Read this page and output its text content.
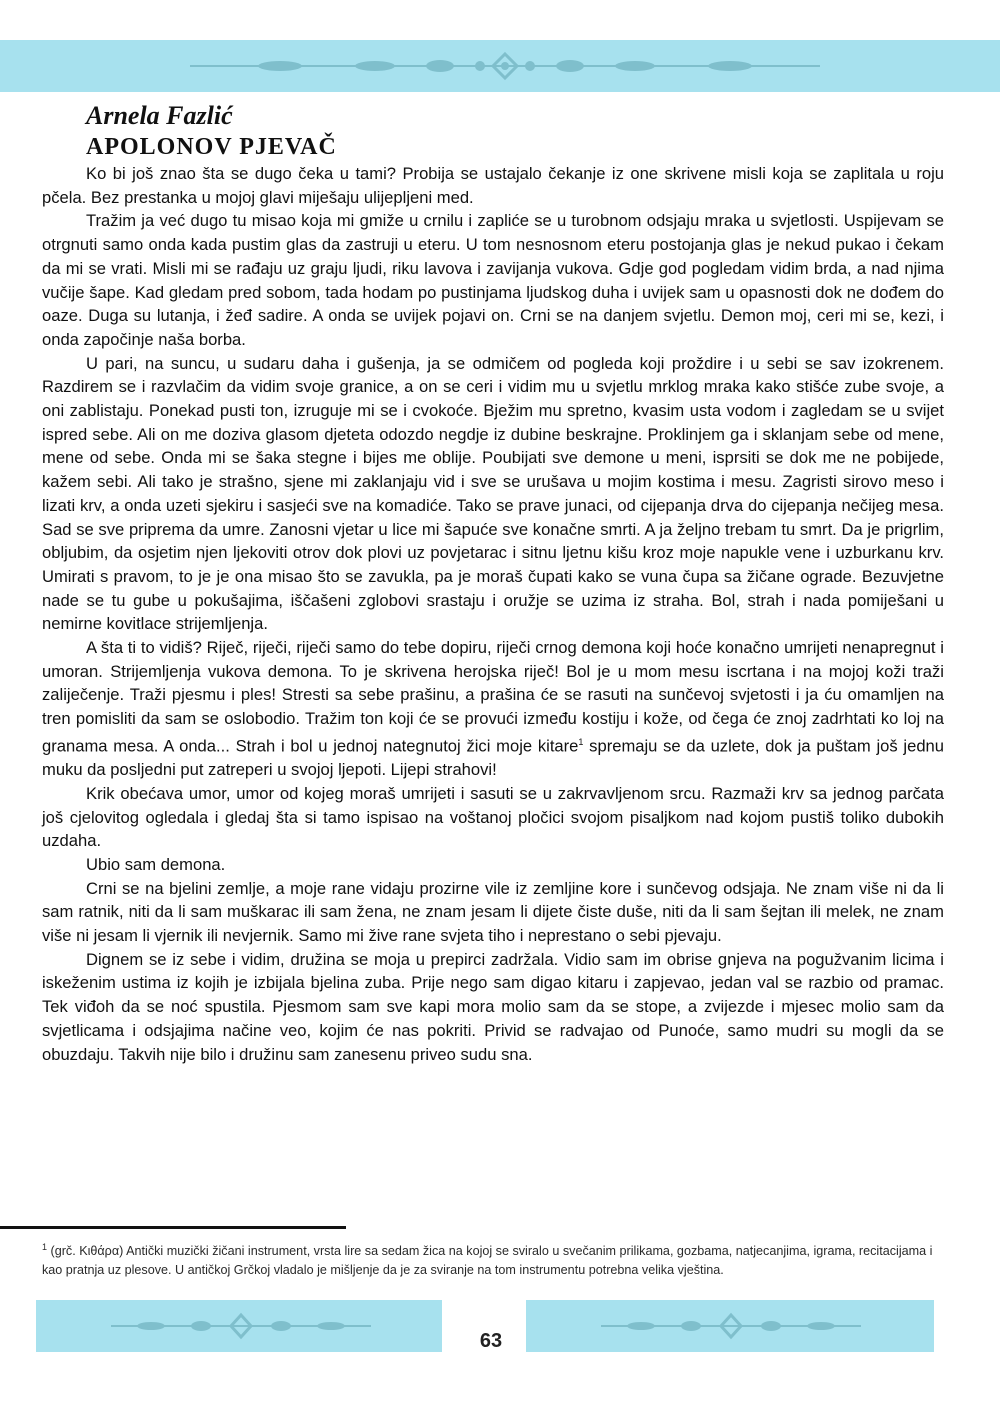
Arnela Fazlić
APOLONOV PJEVAČ

Ko bi još znao šta se dugo čeka u tami? Probija se ustajalo čekanje iz one skrivene misli koja se zaplitala u roju pčela. Bez prestanka u mojoj glavi miješaju ulijepljeni med.

Tražim ja već dugo tu misao koja mi gmiže u crnilu i zapliće se u turobnom odsjaju mraka u svjetlosti. Uspijevam se otrgnuti samo onda kada pustim glas da zastruji u eteru. U tom nesnosnom eteru postojanja glas je nekud pukao i čekam da mi se vrati. Misli mi se rađaju uz graju ljudi, riku lavova i zavijanja vukova. Gdje god pogledam vidim brda, a nad njima vučije šape. Kad gledam pred sobom, tada hodam po pustinjama ljudskog duha i uvijek sam u opasnosti dok ne dođem do oaze. Duga su lutanja, i žeđ sadire. A onda se uvijek pojavi on. Crni se na danjem svjetlu. Demon moj, ceri mi se, kezi, i onda započinje naša borba.

U pari, na suncu, u sudaru daha i gušenja, ja se odmičem od pogleda koji proždire i u sebi se sav izokrenem. Razdirem se i razvlačim da vidim svoje granice, a on se ceri i vidim mu u svjetlu mrklog mraka kako stišće zube svoje, a oni zablistaju. Ponekad pusti ton, izruguje mi se i cvokoće. Bježim mu spretno, kvasim usta vodom i zagledam se u svijet ispred sebe. Ali on me doziva glasom djeteta odozdo negdje iz dubine beskrajne. Proklinjem ga i sklanjam sebe od mene, mene od sebe. Onda mi se šaka stegne i bijes me oblije. Poubijati sve demone u meni, isprsiti se dok me ne pobijede, kažem sebi. Ali tako je strašno, sjene mi zaklanjaju vid i sve se urušava u mojim kostima i mesu. Zagristi sirovo meso i lizati krv, a onda uzeti sjekiru i sasjeći sve na komadiće. Tako se prave junaci, od cijepanja drva do cijepanja nečijeg mesa. Sad se sve priprema da umre. Zanosni vjetar u lice mi šapuće sve konačne smrti. A ja željno trebam tu smrt. Da je prigrlim, obljubim, da osjetim njen ljekoviti otrov dok plovi uz povjetarac i sitnu ljetnu kišu kroz moje napukle vene i uzburkanu krv. Umirati s pravom, to je je ona misao što se zavukla, pa je moraš čupati kako se vuna čupa sa žičane ograde. Bezuvjetne nade se tu gube u pokušajima, iščašeni zglobovi srastaju i oružje se uzima iz straha. Bol, strah i nada pomiješani u nemirne kovitlace strijemljenja.

A šta ti to vidiš? Riječ, riječi, riječi samo do tebe dopiru, riječi crnog demona koji hoće konačno umrijeti nenapregnut i umoran. Strijemljenja vukova demona. To je skrivena herojska riječ! Bol je u mom mesu iscrtana i na mojoj koži traži zaliječenje. Traži pjesmu i ples! Stresti sa sebe prašinu, a prašina će se rasuti na sunčevoj svjetosti i ja ću omamljen na tren pomisliti da sam se oslobodio. Tražim ton koji će se provući između kostiju i kože, od čega će znoj zadrhtati ko loj na granama mesa. A onda... Strah i bol u jednoj nategnutoj žici moje kitare$^1$ spremaju se da uzlete, dok ja puštam još jednu muku da posljedni put zatreperi u svojoj ljepoti. Lijepi strahovi!

Krik obećava umor, umor od kojeg moraš umrijeti i sasuti se u zakrvavljenom srcu. Razmaži krv sa jednog parčata još cjelovitog ogledala i gledaj šta si tamo ispisao na voštanoj pločici svojom pisaljkom nad kojom pustiš toliko dubokih uzdaha.

Ubio sam demona.

Crni se na bjelini zemlje, a moje rane vidaju prozirne vile iz zemljine kore i sunčevog odsjaja. Ne znam više ni da li sam ratnik, niti da li sam muškarac ili sam žena, ne znam jesam li dijete čiste duše, niti da li sam šejtan ili melek, ne znam više ni jesam li vjernik ili nevjernik. Samo mi žive rane svjeta tiho i neprestano o sebi pjevaju.

Dignem se iz sebe i vidim, družina se moja u prepirci zadržala. Vidio sam im obrise gnjeva na pogužvanim licima i iskeženim ustima iz kojih je izbijala bjelina zuba. Prije nego sam digao kitaru i zapjevao, jedan val se razbio od pramac. Tek viđoh da se noć spustila. Pjesmom sam sve kapi mora molio sam da se stope, a zvijezde i mjesec molio sam da svjetlicama i odsjajima načine veo, kojim će nas pokriti. Privid se radvajao od Punoće, samo mudri su mogli da se obuzdaju. Takvih nije bilo i družinu sam zanesenu priveo sudu sna.

$^1$ (grč. Κιθάρα) Antički muzički žičani instrument, vrsta lire sa sedam žica na kojoj se sviralo u svečanim prilikama, gozbama, natjecanjima, igrama, recitacijama i kao pratnja uz plesove. U antičkoj Grčkoj vladalo je mišljenje da je za sviranje na tom instrumentu potrebna velika vještina.
63
